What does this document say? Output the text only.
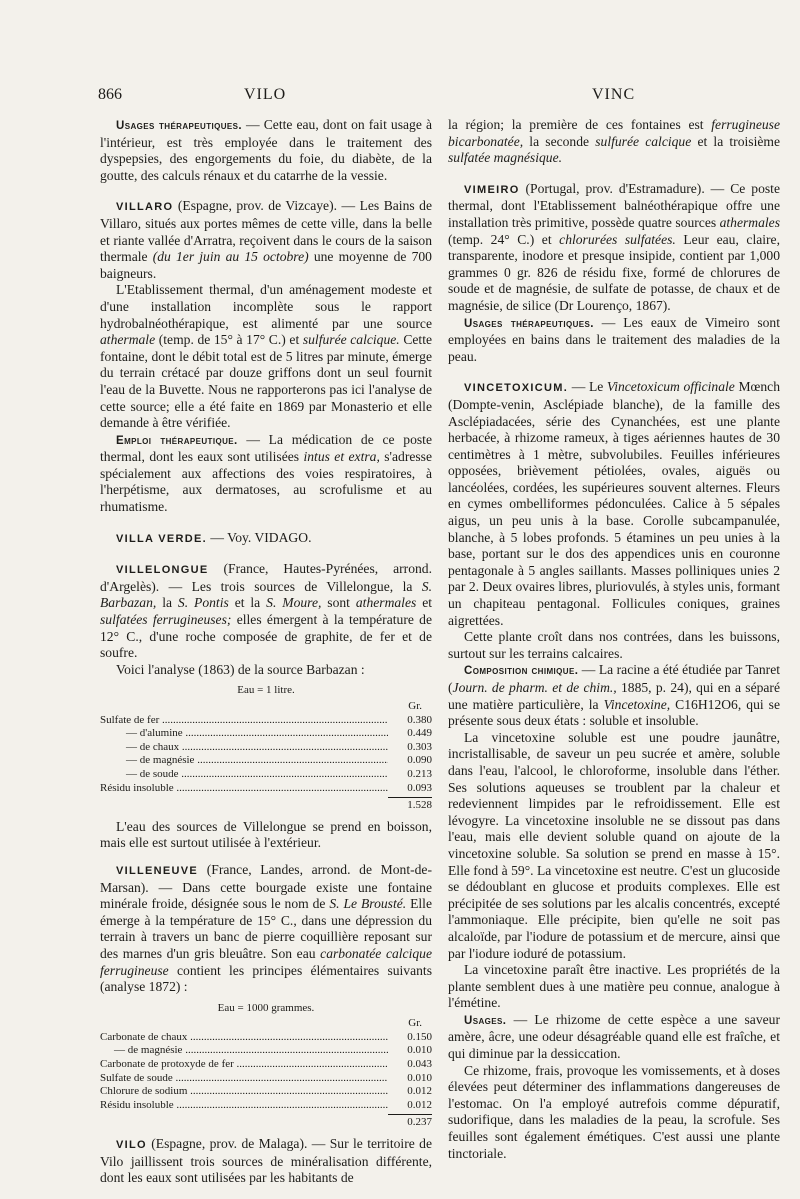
866	VILO	VINC

Usages thérapeutiques. — Cette eau, dont on fait usage à l'intérieur, est très employée dans le traitement des dyspepsies, des engorgements du foie, du diabète, de la goutte, des calculs rénaux et du catarrhe de la vessie.

VILLARO (Espagne, prov. de Vizcaye). — Les Bains de Villaro, situés aux portes mêmes de cette ville, dans la belle et riante vallée d'Arratra, reçoivent dans le cours de la saison thermale (du 1er juin au 15 octobre) une moyenne de 700 baigneurs.

L'Etablissement thermal, d'un aménagement modeste et d'une installation incomplète sous le rapport hydrobalnéothérapique, est alimenté par une source athermale (temp. de 15° à 17° C.) et sulfurée calcique. Cette fontaine, dont le débit total est de 5 litres par minute, émerge du terrain crétacé par douze griffons dont un seul fournit l'eau de la Buvette. Nous ne rapporterons pas ici l'analyse de cette source; elle a été faite en 1869 par Monasterio et elle demande à être vérifiée.

Emploi thérapeutique. — La médication de ce poste thermal, dont les eaux sont utilisées intus et extra, s'adresse spécialement aux affections des voies respiratoires, à l'herpétisme, aux dermatoses, au scrofulisme et au rhumatisme.

VILLA VERDE. — Voy. VIDAGO.

VILLELONGUE (France, Hautes-Pyrénées, arrond. d'Argelès). — Les trois sources de Villelongue, la S. Barbazan, la S. Pontis et la S. Moure, sont athermales et sulfatées ferrugineuses; elles émergent à la température de 12° C., d'une roche composée de graphite, de fer et de soufre.

Voici l'analyse (1863) de la source Barbazan :

Eau = 1 litre.
Gr.
Sulfate de fer .....	0.380
— d'alumine .....	0.449
— de chaux .....	0.303
— de magnésie .....	0.090
— de soude .....	0.213
Résidu insoluble .....	0.093
1.528

L'eau des sources de Villelongue se prend en boisson, mais elle est surtout utilisée à l'extérieur.

VILLENEUVE (France, Landes, arrond. de Mont-de-Marsan). — Dans cette bourgade existe une fontaine minérale froide, désignée sous le nom de S. Le Brousté. Elle émerge à la température de 15° C., dans une dépression du terrain à travers un banc de pierre coquillière reposant sur des marnes d'un gris bleuâtre. Son eau carbonatée calcique ferrugineuse contient les principes élémentaires suivants (analyse 1872) :

Eau = 1000 grammes.
Gr.
Carbonate de chaux .....	0.150
— de magnésie .....	0.010
Carbonate de protoxyde de fer .....	0.043
Sulfate de soude .....	0.010
Chlorure de sodium .....	0.012
Résidu insoluble .....	0.012
0.237

VILO (Espagne, prov. de Malaga). — Sur le territoire de Vilo jaillissent trois sources de minéralisation différente, dont les eaux sont utilisées par les habitants de

la région; la première de ces fontaines est ferrugineuse bicarbonatée, la seconde sulfurée calcique et la troisième sulfatée magnésique.

VIMEIRO (Portugal, prov. d'Estramadure). — Ce poste thermal, dont l'Etablissement balnéothérapique offre une installation très primitive, possède quatre sources athermales (temp. 24° C.) et chlorurées sulfatées. Leur eau, claire, transparente, inodore et presque insipide, contient par 1,000 grammes 0 gr. 826 de résidu fixe, formé de chlorures de soude et de magnésie, de sulfate de potasse, de chaux et de magnésie, de silice (Dr Lourenço, 1867).

Usages thérapeutiques. — Les eaux de Vimeiro sont employées en bains dans le traitement des maladies de la peau.

VINCETOXICUM. — Le Vincetoxicum officinale Mœnch (Dompte-venin, Asclépiade blanche), de la famille des Asclépiadacées, série des Cynanchées, est une plante herbacée, à rhizome rameux, à tiges aériennes hautes de 30 centimètres à 1 mètre, subvolubiles. Feuilles inférieures opposées, brièvement pétiolées, ovales, aiguës ou lancéolées, cordées, les supérieures souvent alternes. Fleurs en cymes ombelliformes pédonculées. Calice à 5 sépales aigus, un peu unis à la base. Corolle subcampanulée, blanche, à 5 lobes profonds. 5 étamines un peu unies à la base, portant sur le dos des appendices unis en couronne pentagonale à 5 angles saillants. Masses polliniques unies 2 par 2. Deux ovaires libres, pluriovulés, à styles unis, formant un chapiteau pentagonal. Follicules coniques, graines aigrettées.

Cette plante croît dans nos contrées, dans les buissons, surtout sur les terrains calcaires.

Composition chimique. — La racine a été étudiée par Tanret (Journ. de pharm. et de chim., 1885, p. 24), qui en a séparé une matière particulière, la Vincetoxine, C16H12O6, qui se présente sous deux états : soluble et insoluble.

La vincetoxine soluble est une poudre jaunâtre, incristallisable, de saveur un peu sucrée et amère, soluble dans l'eau, l'alcool, le chloroforme, insoluble dans l'éther. Ses solutions aqueuses se troublent par la chaleur et redeviennent limpides par le refroidissement. Elle est lévogyre. La vincetoxine insoluble ne se dissout pas dans l'eau, mais elle devient soluble quand on ajoute de la vincetoxine soluble. Sa solution se prend en masse à 15°. Elle fond à 59°. La vincetoxine est neutre. C'est un glucoside se dédoublant en glucose et produits complexes. Elle est précipitée de ses solutions par les alcalis concentrés, excepté l'ammoniaque. Elle précipite, bien qu'elle ne soit pas alcaloïde, par l'iodure de potassium et de mercure, ainsi que par l'iodure ioduré de potassium.

La vincetoxine paraît être inactive. Les propriétés de la plante semblent dues à une matière peu connue, analogue à l'émétine.

Usages. — Le rhizome de cette espèce a une saveur amère, âcre, une odeur désagréable quand elle est fraîche, et qui diminue par la dessiccation.

Ce rhizome, frais, provoque les vomissements, et à doses élevées peut déterminer des inflammations dangereuses de l'estomac. On l'a employé autrefois comme dépuratif, sudorifique, dans les maladies de la peau, la scrofule. Ses feuilles sont également émétiques. C'est aussi une plante tinctoriale.
